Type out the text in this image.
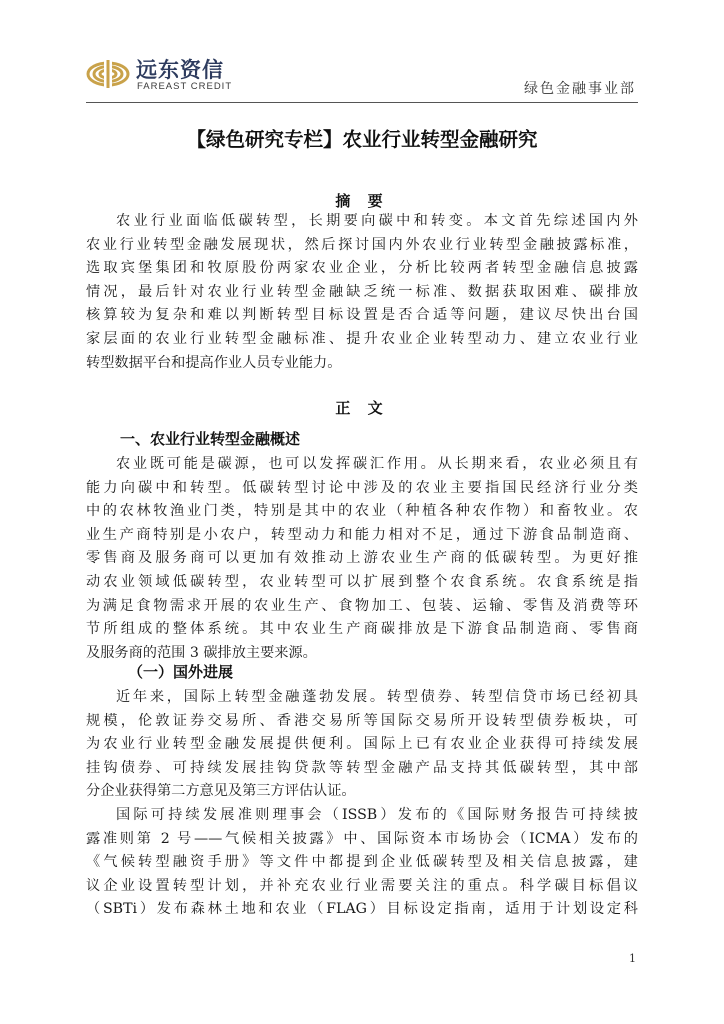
远东资信
FAREAST CREDIT	绿色金融事业部
【绿色研究专栏】农业行业转型金融研究
摘 要
农业行业面临低碳转型，长期要向碳中和转变。本文首先综述国内外
农业行业转型金融发展现状，然后探讨国内外农业行业转型金融披露标准，
选取宾堡集团和牧原股份两家农业企业，分析比较两者转型金融信息披露
情况，最后针对农业行业转型金融缺乏统一标准、数据获取困难、碳排放
核算较为复杂和难以判断转型目标设置是否合适等问题，建议尽快出台国
家层面的农业行业转型金融标准、提升农业企业转型动力、建立农业行业
转型数据平台和提高作业人员专业能力。
正 文
一、农业行业转型金融概述
农业既可能是碳源，也可以发挥碳汇作用。从长期来看，农业必须且有
能力向碳中和转型。低碳转型讨论中涉及的农业主要指国民经济行业分类
中的农林牧渔业门类，特别是其中的农业（种植各种农作物）和畜牧业。农
业生产商特别是小农户，转型动力和能力相对不足，通过下游食品制造商、
零售商及服务商可以更加有效推动上游农业生产商的低碳转型。为更好推
动农业领域低碳转型，农业转型可以扩展到整个农食系统。农食系统是指
为满足食物需求开展的农业生产、食物加工、包装、运输、零售及消费等环
节所组成的整体系统。其中农业生产商碳排放是下游食品制造商、零售商
及服务商的范围 3 碳排放主要来源。
（一）国外进展
近年来，国际上转型金融蓬勃发展。转型债券、转型信贷市场已经初具
规模，伦敦证券交易所、香港交易所等国际交易所开设转型债券板块，可
为农业行业转型金融发展提供便利。国际上已有农业企业获得可持续发展
挂钩债券、可持续发展挂钩贷款等转型金融产品支持其低碳转型，其中部
分企业获得第二方意见及第三方评估认证。
国际可持续发展准则理事会（ISSB）发布的《国际财务报告可持续披
露准则第 2 号——气候相关披露》中、国际资本市场协会（ICMA）发布的
《气候转型融资手册》等文件中都提到企业低碳转型及相关信息披露，建
议企业设置转型计划，并补充农业行业需要关注的重点。科学碳目标倡议
（SBTi）发布森林土地和农业（FLAG）目标设定指南，适用于计划设定科
1
